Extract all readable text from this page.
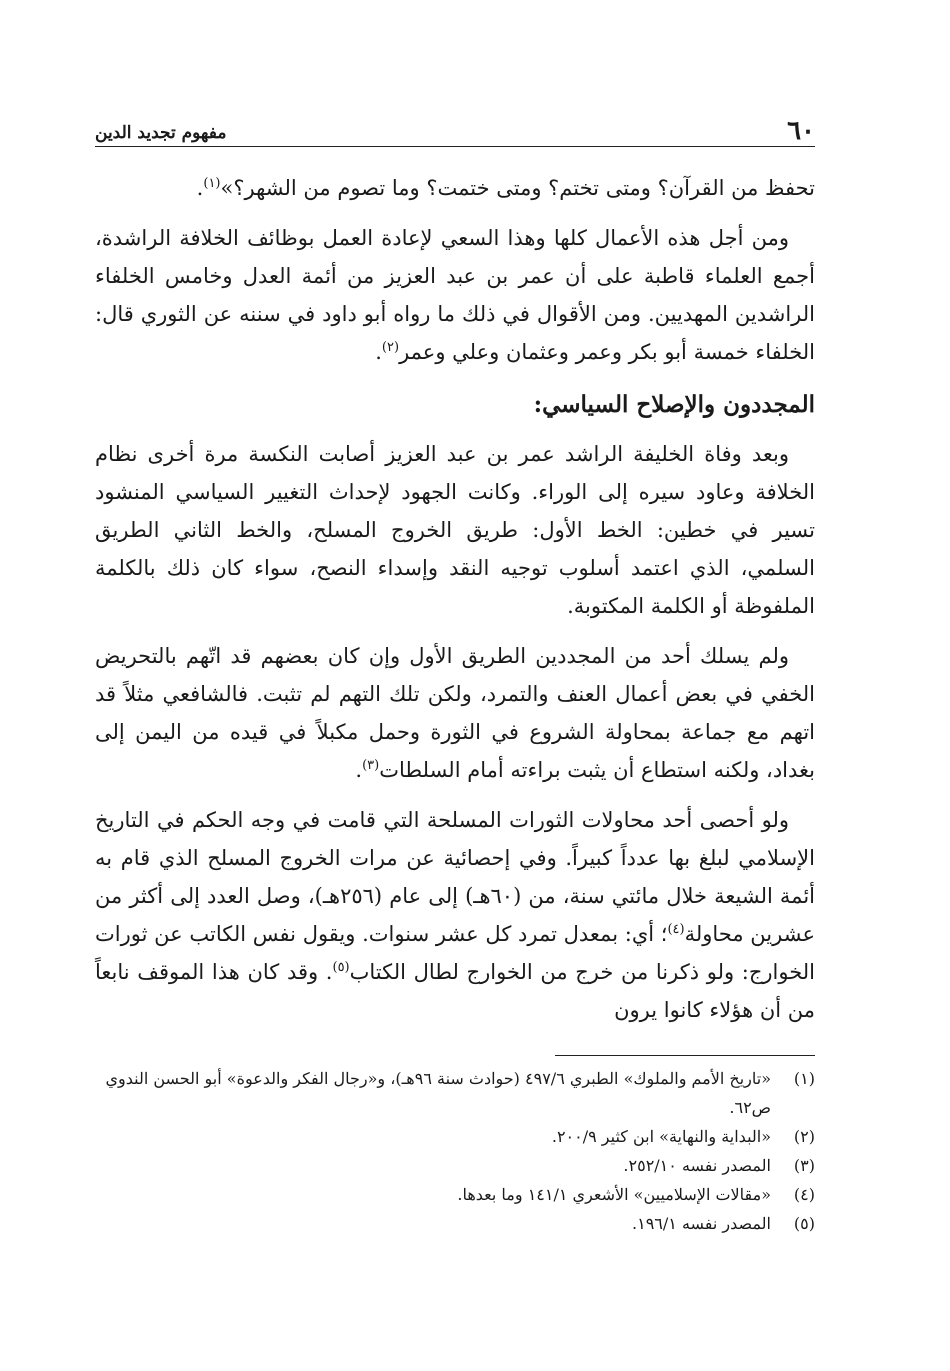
٦٠
مفهوم تجديد الدين

تحفظ من القرآن؟ ومتى تختم؟ ومتى ختمت؟ وما تصوم من الشهر؟»$^{(١)}$.

ومن أجل هذه الأعمال كلها وهذا السعي لإعادة العمل بوظائف الخلافة الراشدة، أجمع العلماء قاطبة على أن عمر بن عبد العزيز من أئمة العدل وخامس الخلفاء الراشدين المهديين. ومن الأقوال في ذلك ما رواه أبو داود في سننه عن الثوري قال: الخلفاء خمسة أبو بكر وعمر وعثمان وعلي وعمر$^{(٢)}$.

المجددون والإصلاح السياسي:

وبعد وفاة الخليفة الراشد عمر بن عبد العزيز أصابت النكسة مرة أخرى نظام الخلافة وعاود سيره إلى الوراء. وكانت الجهود لإحداث التغيير السياسي المنشود تسير في خطين: الخط الأول: طريق الخروج المسلح، والخط الثاني الطريق السلمي، الذي اعتمد أسلوب توجيه النقد وإسداء النصح، سواء كان ذلك بالكلمة الملفوظة أو الكلمة المكتوبة.

ولم يسلك أحد من المجددين الطريق الأول وإن كان بعضهم قد اتّهم بالتحريض الخفي في بعض أعمال العنف والتمرد، ولكن تلك التهم لم تثبت. فالشافعي مثلاً قد اتهم مع جماعة بمحاولة الشروع في الثورة وحمل مكبلاً في قيده من اليمن إلى بغداد، ولكنه استطاع أن يثبت براءته أمام السلطات$^{(٣)}$.

ولو أحصى أحد محاولات الثورات المسلحة التي قامت في وجه الحكم في التاريخ الإسلامي لبلغ بها عدداً كبيراً. وفي إحصائية عن مرات الخروج المسلح الذي قام به أئمة الشيعة خلال مائتي سنة، من (٦٠هـ) إلى عام (٢٥٦هـ)، وصل العدد إلى أكثر من عشرين محاولة$^{(٤)}$؛ أي: بمعدل تمرد كل عشر سنوات. ويقول نفس الكاتب عن ثورات الخوارج: ولو ذكرنا من خرج من الخوارج لطال الكتاب$^{(٥)}$. وقد كان هذا الموقف نابعاً من أن هؤلاء كانوا يرون

(١)
«تاريخ الأمم والملوك» الطبري ٤٩٧/٦ (حوادث سنة ٩٦هـ)، و«رجال الفكر والدعوة» أبو الحسن الندوي ص٦٢.
(٢)
«البداية والنهاية» ابن كثير ٢٠٠/٩.
(٣)
المصدر نفسه ٢٥٢/١٠.
(٤)
«مقالات الإسلاميين» الأشعري ١٤١/١ وما بعدها.
(٥)
المصدر نفسه ١٩٦/١.
